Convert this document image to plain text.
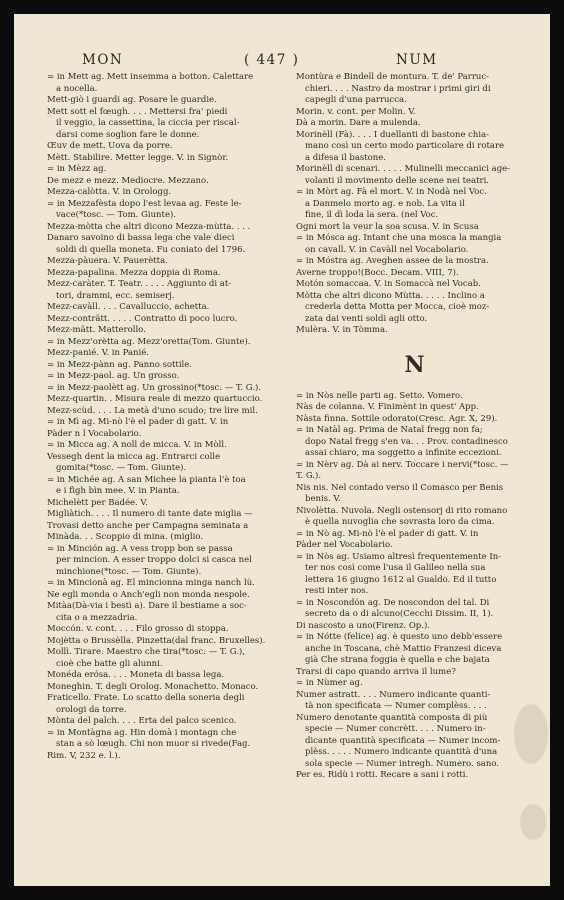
MON	( 447 )	NUM

= in Mett ag. Mett insemma a botton. Calettare

a nocella.

Mett-giò i guardi ag. Posare le guardie.

Mett sott el fœugh. . . . Mettersi fra' piedi

il veggio, la cassettina, la ciccia per riscal-

darsi come soglion fare le donne.

Œuv de mett. Uova da porre.

Mètt. Stabilire. Metter legge. V. in Signòr.

= in Mèzz ag.

De mezz e mezz. Mediocre. Mezzano.

Mezza-calòtta. V. in Orologg.

= in Mezzafèsta dopo l'est levaa ag. Feste le-

vace(*tosc. — Tom. Giunte).

Mezza-mòtta che altri dicono Mezza-mùtta. . . .

Danaro savoino di bassa lega che vale dieci

soldi di quella moneta. Fu coniato del 1796.

Mezza-pàuera. V. Pauerètta.

Mezza-papalina. Mezza doppia di Roma.

Mezz-caràter. T. Teatr. . . . . Aggiunto di at-

tori, drammi, ecc. semiserj.

Mezz-cavàll. . . . Cavalluccio, achetta.

Mezz-conträtt. . . . . Contratto di poco lucro.

Mezz-mätt. Matterollo.

= in Mezz'orètta ag. Mezz'oretta(Tom. Giunte).

Mezz-panié. V. in Panié.

= in Mezz-pànn ag. Panno sottile.

= in Mezz-paol. ag. Un grosso.

= in Mezz-paolètt ag. Un grossino(*tosc. — T. G.).

Mezz-quartin. . Misura reale di mezzo quartuccio.

Mezz-scùd. . . . La metà d'uno scudo; tre lire mil.

= in Mì ag. Mi-nò l'è el pader di gatt. V. in

Pàder n l Vocabolario.

= in Micca ag. A noll de micca. V. in Mòll.

Vessegh dent la micca ag. Entrarci colle

gomita(*tosc. — Tom. Giunte).

= in Michée ag. A san Michee la pianta l'è toa

e i fìgh bìn mee. V. in Pianta.

Michelètt per Badée. V.

Migliàtich. . . . Il numero di tante date miglia —

Trovasi detto anche per Campagna seminata a

Minàda. . . Scoppio di mina. (miglio.

= in Minción ag. A vess tropp bon se passa

per mincion. A esser troppo dolci si casca nel

minchione(*tosc. — Tom. Giunte).

= in Mincionà ag. El mincionna minga nanch lù.

Ne egli monda o Anch'egli non monda nespole.

Mitàa(Dà-via i bestì a). Dare il bestiame a soc-

cita o a mezzadria.

Moccón. v. cont. . . . Filo grosso di stoppa.

Mojètta o Brussèlla. Pinzetta(dal franc. Bruxelles).

Mollì. Tirare. Maestro che tira(*tosc. — T. G.),

cioè che batte gli alunni.

Monéda erósa. . . . Moneta di bassa lega.

Moneghin. T. degli Orolog. Monachetto. Monaco.

Fraticello. Frate. Lo scatto della soneria degli

orologi da torre.

Mònta del palch. . . . Erta del palco scenico.

= in Montàgna ag. Hin domà i montagn che

stan a sò lœugh. Chi non muor si rivede(Fag.

Rim. V, 232 e. l.).

Montùra e Bindell de montura. T. de' Parruc-

chieri. . . . Nastro da mostrar i primi giri di

capegli d'una parrucca.

Morin. v. cont. per Molin. V.

Dà a morin. Dare a mulenda.

Morinèll (Fà). . . . I duellanti di bastone chia-

mano così un certo modo particolare di rotare

a difesa il bastone.

Morinèll di scenari. . . . . Mulinelli meccanici age-

volanti il movimento delle scene nei teatri.

= in Mòrt ag. Fà el mort. V. in Nodà nel Voc.

a Danmelo morto ag. e nob. La vita il

fine, il dì loda la sera. (nel Voc.

Ogni mort la veur la soa scusa. V. in Scusa

= in Mósca ag. Intant che una mosca la mangia

on cavall. V. in Cavàll nel Vocabolario.

= in Móstra ag. Aveghen assee de la mostra.

Averne troppo!(Bocc. Decam. VIII, 7).

Motón somaccaa. V. in Somaccà nel Vocab.

Mòtta che altri dicono Mùtta. . . . . Inclino a

crederla detta Motta per Mocca, cioè moz-

zata dai venti soldi agli otto.

Mulèra. V. in Tòmma.

N

= in Nòs nelle parti ag. Setto. Vomero.

Nàs de colanna. V. Finimènt in quest' App.

Nàsta finna. Sottile odorato(Cresc. Agr. X, 29).

= in Natàl ag. Prima de Natal fregg non fa;

dopo Natal fregg s'en va. . . Prov. contadinesco

assai chiaro, ma soggetto a infinite eccezioni.

= in Nèrv ag. Dà ai nerv. Toccare i nervi(*tosc. —

T. G.).

Nis nis. Nel contado verso il Comasco per Benis

benis. V.

Nivolètta. Nuvola. Negli ostensorj di rito romano

è quella nuvoglia che sovrasta loro da cima.

= in Nò ag. Mi-nò l'è el pader di gatt. V. in

Pàder nel Vocabolario.

= in Nòs ag. Usiamo altresì frequentemente In-

ter nos così come l'usa il Galileo nella sua

lettera 16 giugno 1612 al Gualdo. Ed il tutto

resti inter nos.

= in Noscondón ag. De noscondon del tal. Di

secreto da o di alcuno(Cecchi Dissim. II, 1).

Di nascosto a uno(Firenz. Op.).

= in Nótte (felice) ag. è questo uno debb'essere

anche in Toscana, chè Mattio Franzesi diceva

già Che strana foggia è quella e che bajata

Trarsi di capo quando arriva il lume?

= in Nùmer ag.

Numer astratt. . . . Numero indicante quanti-

tà non specificata — Numer complèss. . . .

Numero denotante quantità composta di più

specie — Numer concrètt. . . . Numero in-

dicante quantità specificata — Numer incom-

plèss. . . . . Numero indicante quantità d'una

sola specie — Numer intregh. Numero. sano.

Per es. Ridù i rotti. Recare a sani i rotti.
